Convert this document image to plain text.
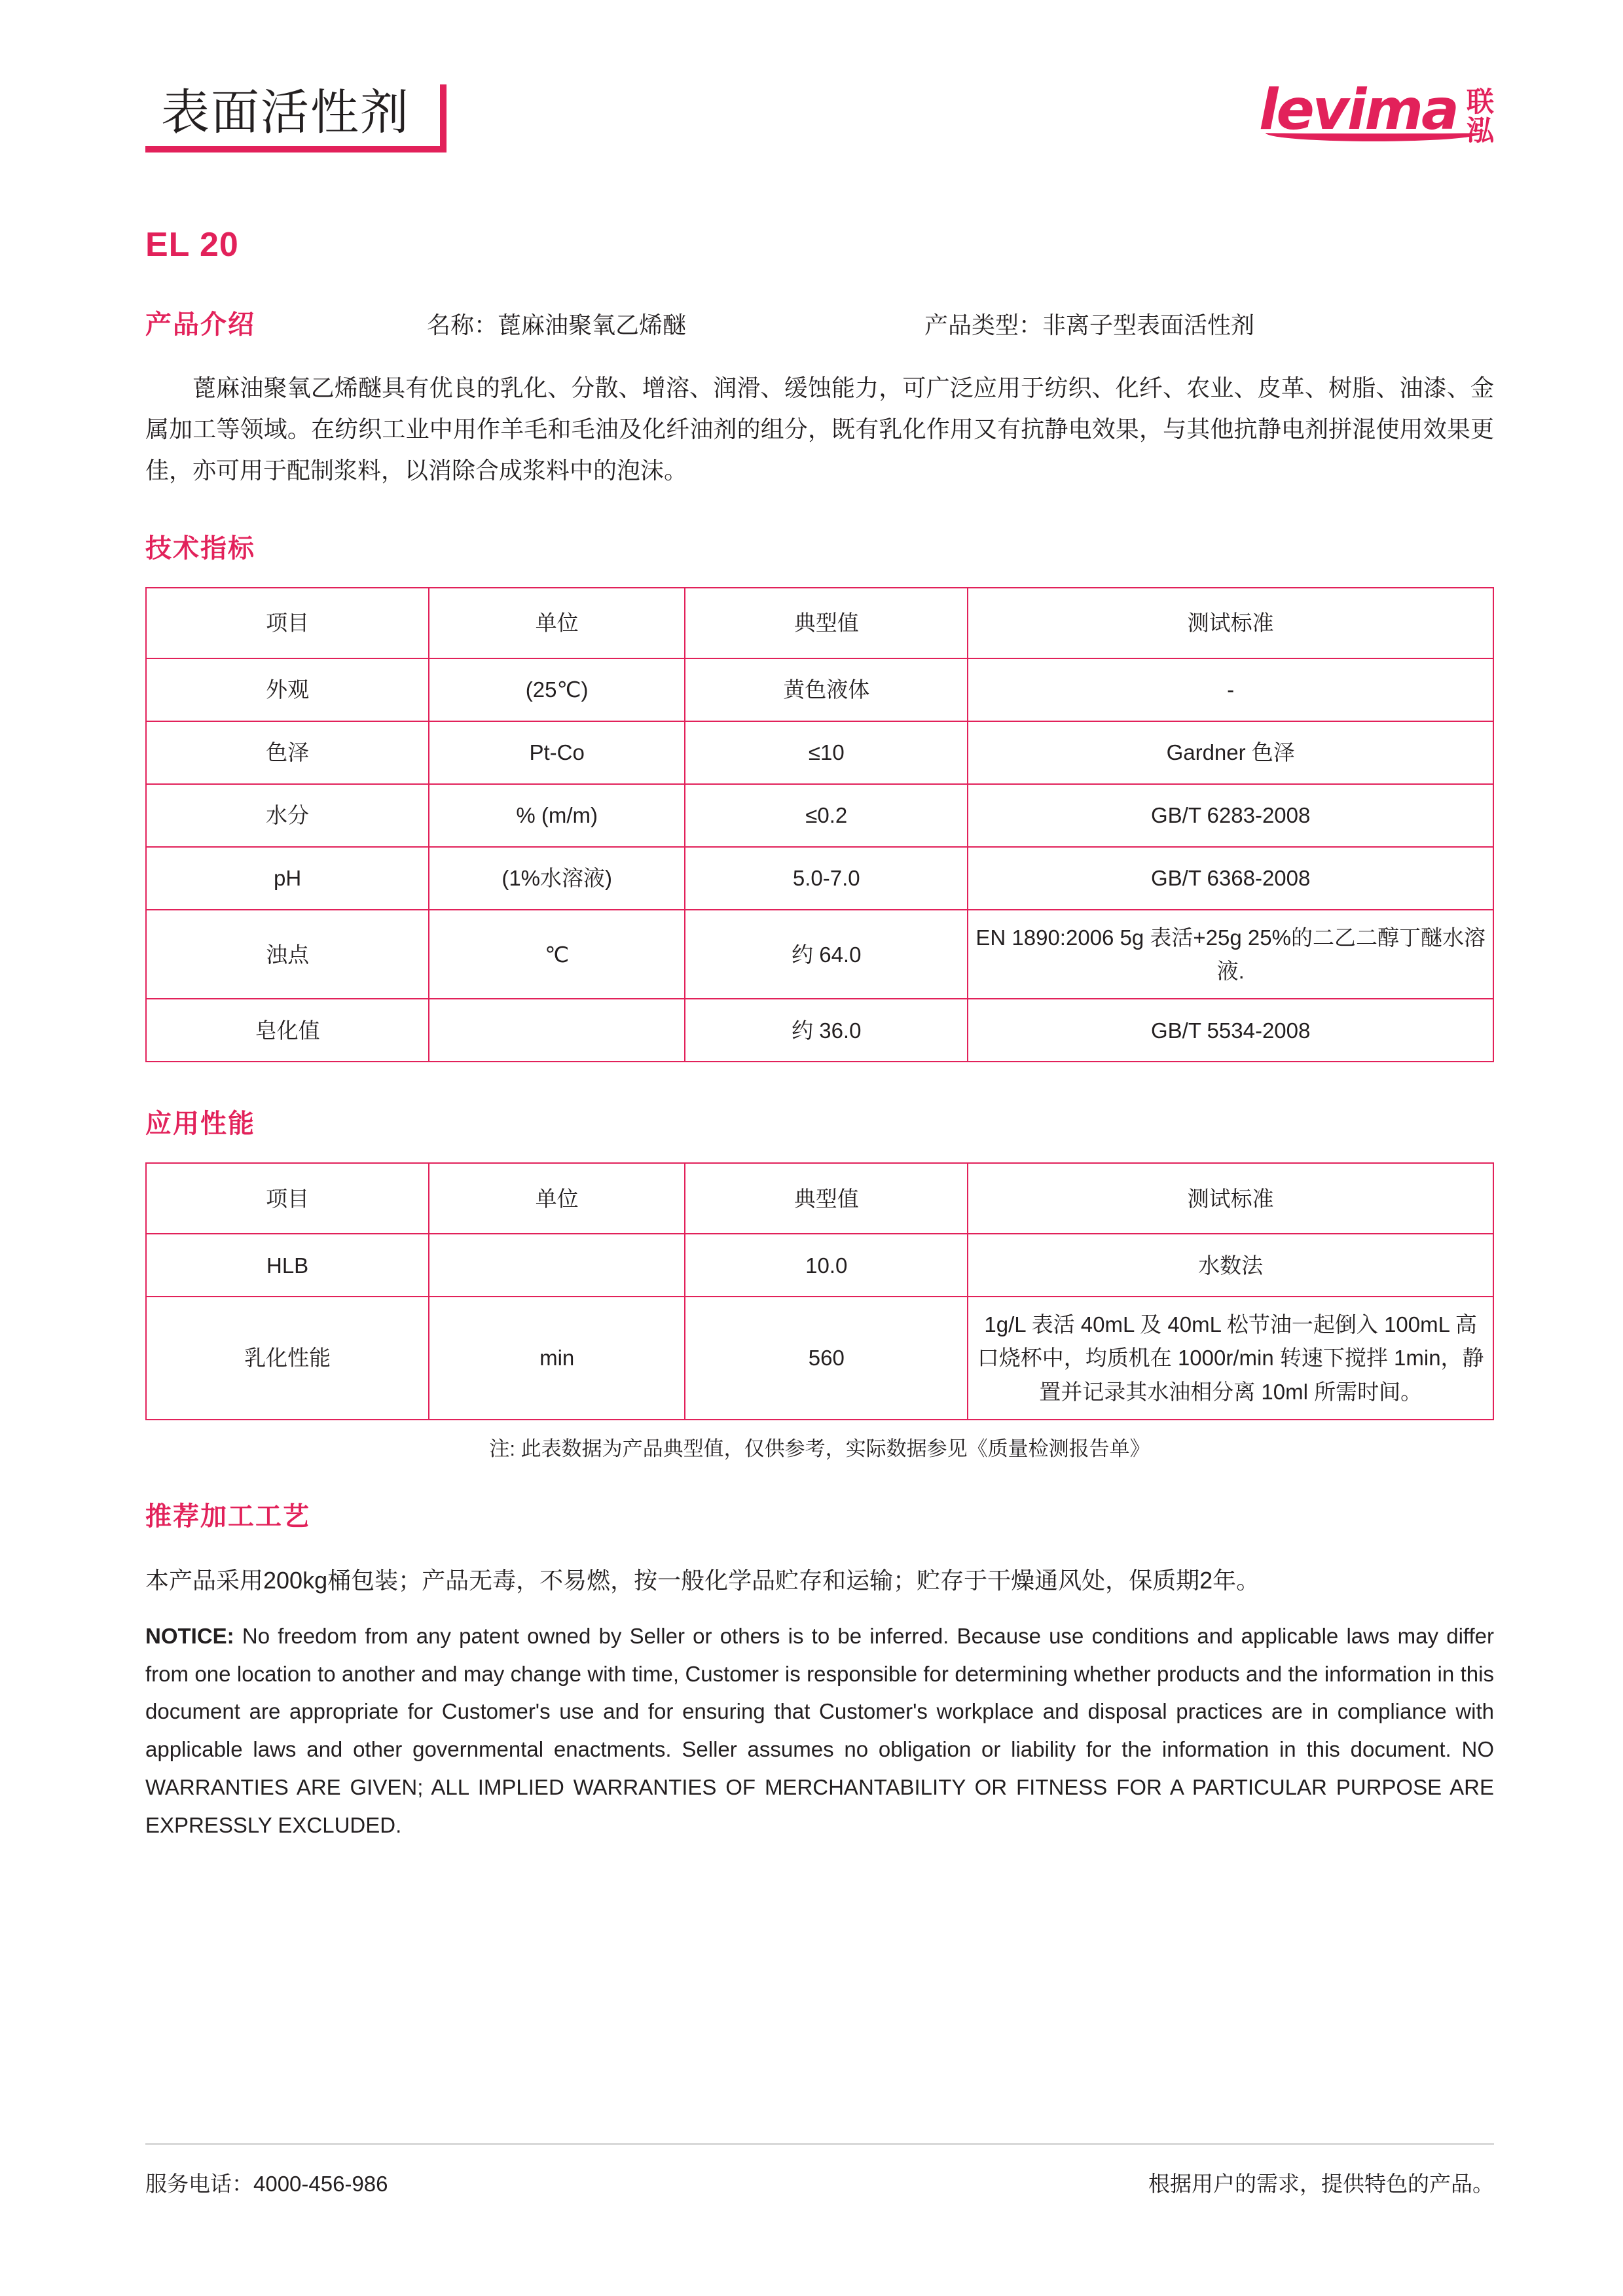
表面活性剂	levima 联
泓
EL 20
产品介绍	名称：蓖麻油聚氧乙烯醚	产品类型：非离子型表面活性剂
蓖麻油聚氧乙烯醚具有优良的乳化、分散、增溶、润滑、缓蚀能力，可广泛应用于纺织、化纤、农业、皮革、树脂、油漆、金属加工等领域。在纺织工业中用作羊毛和毛油及化纤油剂的组分，既有乳化作用又有抗静电效果，与其他抗静电剂拼混使用效果更佳，亦可用于配制浆料，以消除合成浆料中的泡沫。
技术指标
项目	单位	典型值	测试标准
外观	(25℃)	黄色液体	-
色泽	Pt-Co	≤10	Gardner 色泽
水分	% (m/m)	≤0.2	GB/T 6283-2008
pH	(1%水溶液)	5.0-7.0	GB/T 6368-2008
浊点	℃	约 64.0	EN 1890:2006 5g 表活+25g 25%的二乙二醇丁醚水溶液.
皂化值		约 36.0	GB/T 5534-2008
应用性能
项目	单位	典型值	测试标准
HLB		10.0	水数法
乳化性能	min	560	1g/L 表活 40mL 及 40mL 松节油一起倒入 100mL 高口烧杯中，均质机在 1000r/min 转速下搅拌 1min，静置并记录其水油相分离 10ml 所需时间。
注: 此表数据为产品典型值，仅供参考，实际数据参见《质量检测报告单》
推荐加工工艺
本产品采用200kg桶包装；产品无毒，不易燃，按一般化学品贮存和运输；贮存于干燥通风处，保质期2年。
NOTICE: No freedom from any patent owned by Seller or others is to be inferred. Because use conditions and applicable laws may differ from one location to another and may change with time, Customer is responsible for determining whether products and the information in this document are appropriate for Customer's use and for ensuring that Customer's workplace and disposal practices are in compliance with applicable laws and other governmental enactments. Seller assumes no obligation or liability for the information in this document. NO WARRANTIES ARE GIVEN; ALL IMPLIED WARRANTIES OF MERCHANTABILITY OR FITNESS FOR A PARTICULAR PURPOSE ARE EXPRESSLY EXCLUDED.
服务电话：4000-456-986	根据用户的需求，提供特色的产品。
